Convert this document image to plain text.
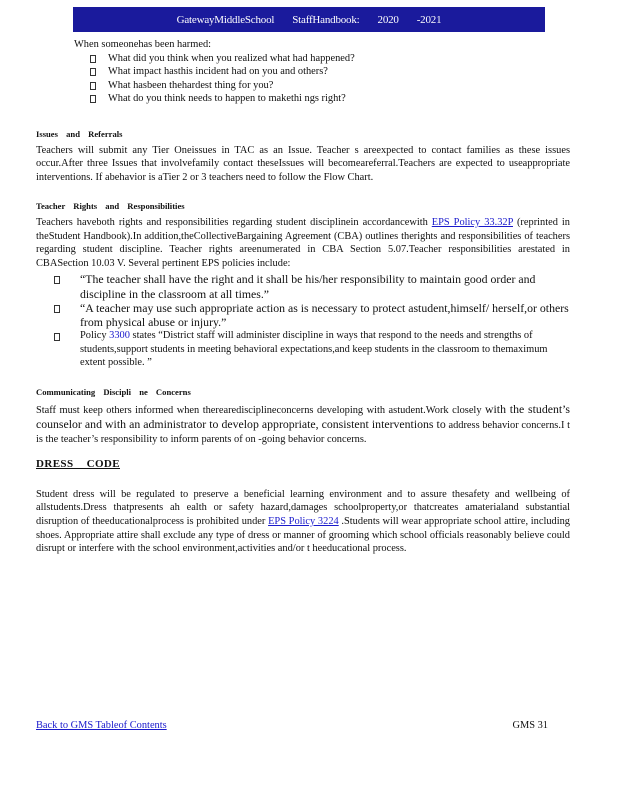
GatewayMiddleSchool StaffHandbook: 2020 -2021
When someonehas been harmed:
What did you think when you realized what had happened?
What impact hasthis incident had on you and others?
What hasbeen thehardest thing for you?
What do you think needs to happen to makethi ngs right?
Issues and Referrals

Teachers will submit any Tier Oneissues in TAC as an Issue. Teacher s areexpected to contact families as these issues occur.After three Issues that involvefamily contact theseIssues will becomeareferral.Teachers are expected to useappropriate interventions. If abehavior is aTier 2 or 3 teachers need to follow the Flow Chart.

Teacher Rights and Responsibilities

Teachers haveboth rights and responsibilities regarding student disciplinein accordancewith EPS Policy 33.32P (reprinted in theStudent Handbook).In addition,theCollectiveBargaining Agreement (CBA) outlines therights and responsibilities of teachers regarding student discipline. Teacher rights areenumerated in CBA Section 5.07.Teacher responsibilities arestated in CBASection 10.03 V. Several pertinent EPS policies include:

“The teacher shall have the right and it shall be his/her responsibility to maintain good order and discipline in the classroom at all times.”
“A teacher may use such appropriate action as is necessary to protect astudent,himself/ herself,or others from physical abuse or injury.”
Policy 3300 states “District staff will administer discipline in ways that respond to the needs and strengths of students,support students in meeting behavioral expectations,and keep students in the classroom to themaximum extent possible. ”
Communicating Discipli ne Concerns

Staff must keep others informed when therearedisciplineconcerns developing with astudent.Work closely with the student’s counselor and with an administrator to develop appropriate, consistent interventions to address behavior concerns.I t is the teacher’s responsibility to inform parents of on -going behavior concerns.

DRESS CODE

Student dress will be regulated to preserve a beneficial learning environment and to assure thesafety and wellbeing of allstudents.Dress thatpresents ah ealth or safety hazard,damages schoolproperty,or thatcreates amaterialand substantial disruption of theeducationalprocess is prohibited under EPS Policy 3224 .Students will wear appropriate school attire, including shoes. Appropriate attire shall exclude any type of dress or manner of grooming which school officials reasonably believe could disrupt or interfere with the school environment,activities and/or t heeducational process.

Back to GMS Tableof Contents	GMS 31
